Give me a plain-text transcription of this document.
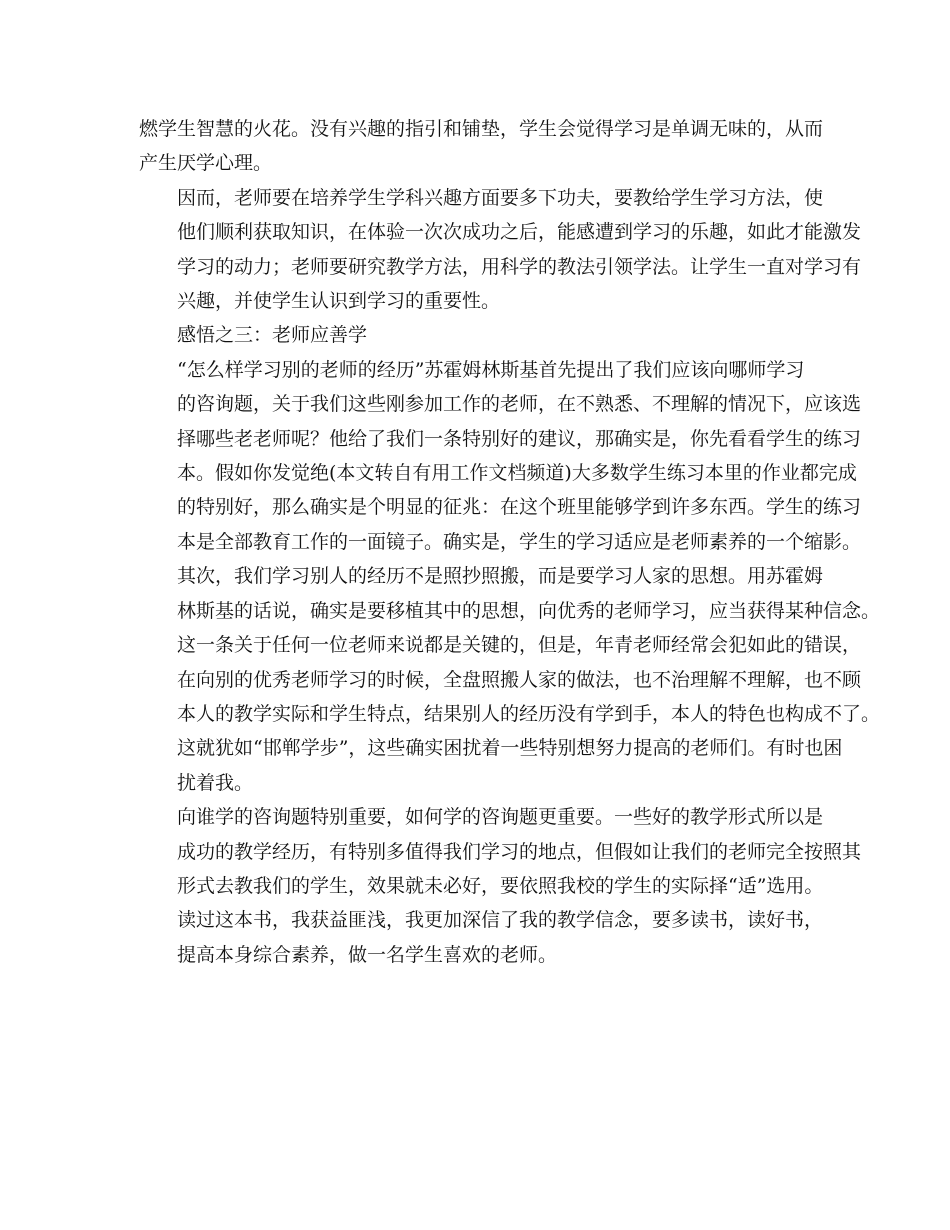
燃学生智慧的火花。没有兴趣的指引和铺垫，学生会觉得学习是单调无味的，从而
产生厌学心理。

因而，老师要在培养学生学科兴趣方面要多下功夫，要教给学生学习方法，使
他们顺利获取知识，在体验一次次成功之后，能感遭到学习的乐趣，如此才能激发
学习的动力；老师要研究教学方法，用科学的教法引领学法。让学生一直对学习有
兴趣，并使学生认识到学习的重要性。

感悟之三：老师应善学

“怎么样学习别的老师的经历”苏霍姆林斯基首先提出了我们应该向哪师学习
的咨询题，关于我们这些刚参加工作的老师，在不熟悉、不理解的情况下，应该选
择哪些老老师呢？他给了我们一条特别好的建议，那确实是，你先看看学生的练习
本。假如你发觉绝(本文转自有用工作文档频道)大多数学生练习本里的作业都完成
的特别好，那么确实是个明显的征兆：在这个班里能够学到许多东西。学生的练习
本是全部教育工作的一面镜子。确实是，学生的学习适应是老师素养的一个缩影。

其次，我们学习别人的经历不是照抄照搬，而是要学习人家的思想。用苏霍姆
林斯基的话说，确实是要移植其中的思想，向优秀的老师学习，应当获得某种信念。
这一条关于任何一位老师来说都是关键的，但是，年青老师经常会犯如此的错误，
在向别的优秀老师学习的时候，全盘照搬人家的做法，也不治理解不理解，也不顾
本人的教学实际和学生特点，结果别人的经历没有学到手，本人的特色也构成不了。
这就犹如“邯郸学步”，这些确实困扰着一些特别想努力提高的老师们。有时也困
扰着我。

向谁学的咨询题特别重要，如何学的咨询题更重要。一些好的教学形式所以是
成功的教学经历，有特别多值得我们学习的地点，但假如让我们的老师完全按照其
形式去教我们的学生，效果就未必好，要依照我校的学生的实际择“适”选用。

读过这本书，我获益匪浅，我更加深信了我的教学信念，要多读书，读好书，
提高本身综合素养，做一名学生喜欢的老师。
